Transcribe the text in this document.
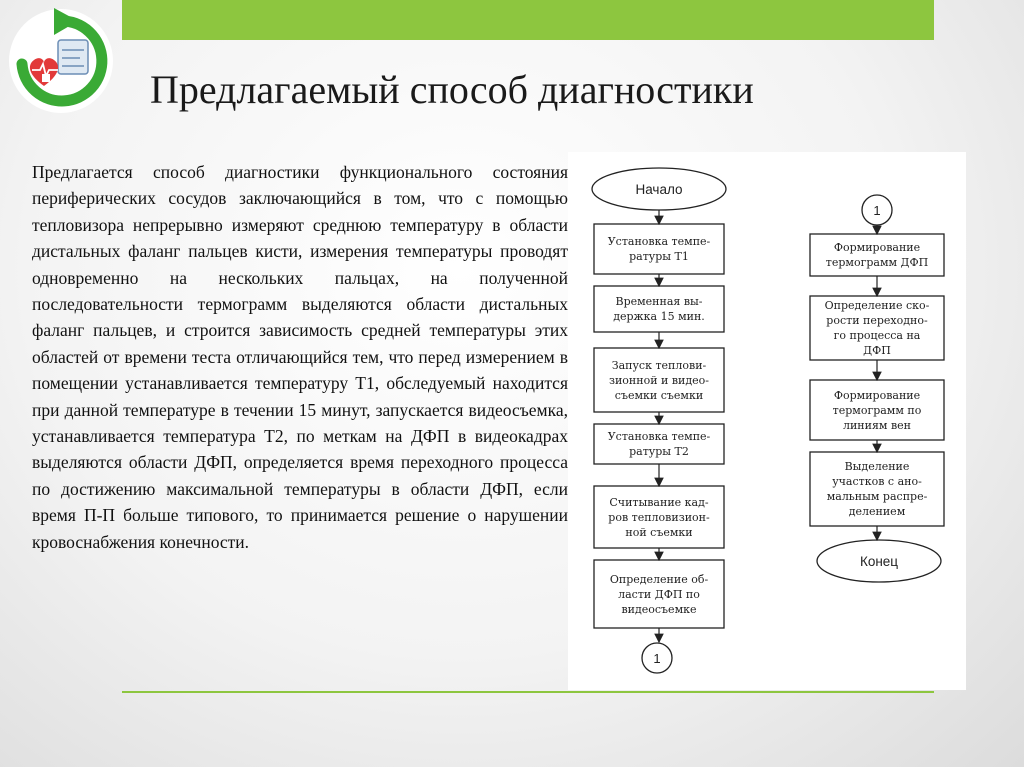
Предлагаемый способ диагностики
Предлагается способ диагностики функционального состояния периферических сосудов заключающийся в том, что с помощью тепловизора непрерывно измеряют среднюю температуру в области дистальных фаланг пальцев кисти, измерения температуры проводят одновременно на нескольких пальцах, на полученной последовательности термограмм выделяются области дистальных фаланг пальцев, и строится зависимость средней температуры этих областей от времени теста отличающийся тем, что перед измерением в помещении устанавливается температуру Т1, обследуемый находится при данной температуре в течении 15 минут, запускается видеосъемка, устанавливается температура Т2, по меткам на ДФП в видеокадрах выделяются области ДФП, определяется время переходного процесса по достижению максимальной температуры в области ДФП, если время П-П больше типового, то принимается решение о нарушении кровоснабжения конечности.
Начало
Установка темпе-
ратуры Т1
Временная вы-
держка 15 мин.
Запуск теплови-
зионной и видео-
съемки съемки
Установка темпе-
ратуры Т2
Считывание кад-
ров тепловизион-
ной съемки
Определение об-
ласти ДФП по
видеосъемке
1
1
Формирование
термограмм ДФП
Определение ско-
рости переходно-
го процесса на
ДФП
Формирование
термограмм по
линиям вен
Выделение
участков с ано-
мальным распре-
делением
Конец
